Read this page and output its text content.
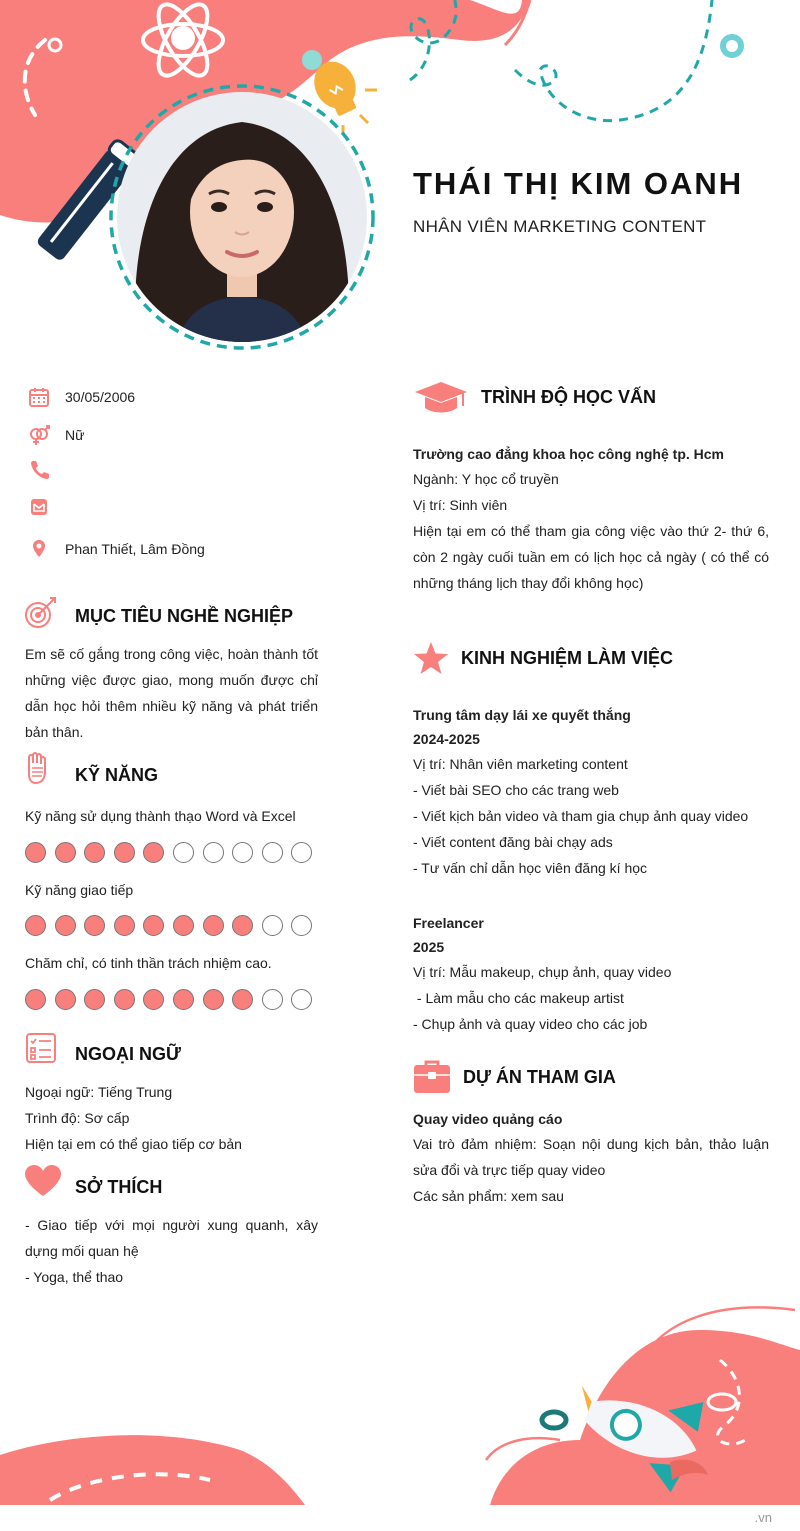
THÁI THỊ KIM OANH
NHÂN VIÊN MARKETING CONTENT
30/05/2006
Nữ
Phan Thiết, Lâm Đồng
MỤC TIÊU NGHỀ NGHIỆP
Em sẽ cố gắng trong công việc, hoàn thành tốt những việc được giao, mong muốn được chỉ dẫn học hỏi thêm nhiều kỹ năng và phát triển bản thân.
KỸ NĂNG
Kỹ năng sử dụng thành thạo Word và Excel
Kỹ năng giao tiếp
Chăm chỉ, có tinh thần trách nhiệm cao.
NGOẠI NGỮ
Ngoại ngữ: Tiếng Trung
Trình độ: Sơ cấp
Hiện tại em có thể giao tiếp cơ bản
SỞ THÍCH
- Giao tiếp với mọi người xung quanh, xây dựng mối quan hệ
- Yoga, thể thao
TRÌNH ĐỘ HỌC VẤN
Trường cao đẳng khoa học công nghệ tp. Hcm
Ngành: Y học cổ truyền
Vị trí: Sinh viên
Hiện tại em có thể tham gia công việc vào thứ 2- thứ 6, còn 2 ngày cuối tuần em có lịch học cả ngày ( có thể có những tháng lịch thay đổi không học)
KINH NGHIỆM LÀM VIỆC
Trung tâm dạy lái xe quyết thắng
2024-2025
Vị trí: Nhân viên marketing content
- Viết bài SEO cho các trang web
- Viết kịch bản video và tham gia chụp ảnh quay video
- Viết content đăng bài chạy ads
- Tư vấn chỉ dẫn học viên đăng kí học
Freelancer
2025
Vị trí: Mẫu makeup, chụp ảnh, quay video
- Làm mẫu cho các makeup artist
- Chụp ảnh và quay video cho các job
DỰ ÁN THAM GIA
Quay video quảng cáo
Vai trò đảm nhiệm: Soạn nội dung kịch bản, thảo luận sửa đổi và trực tiếp quay video
Các sản phẩm: xem sau
.vn
